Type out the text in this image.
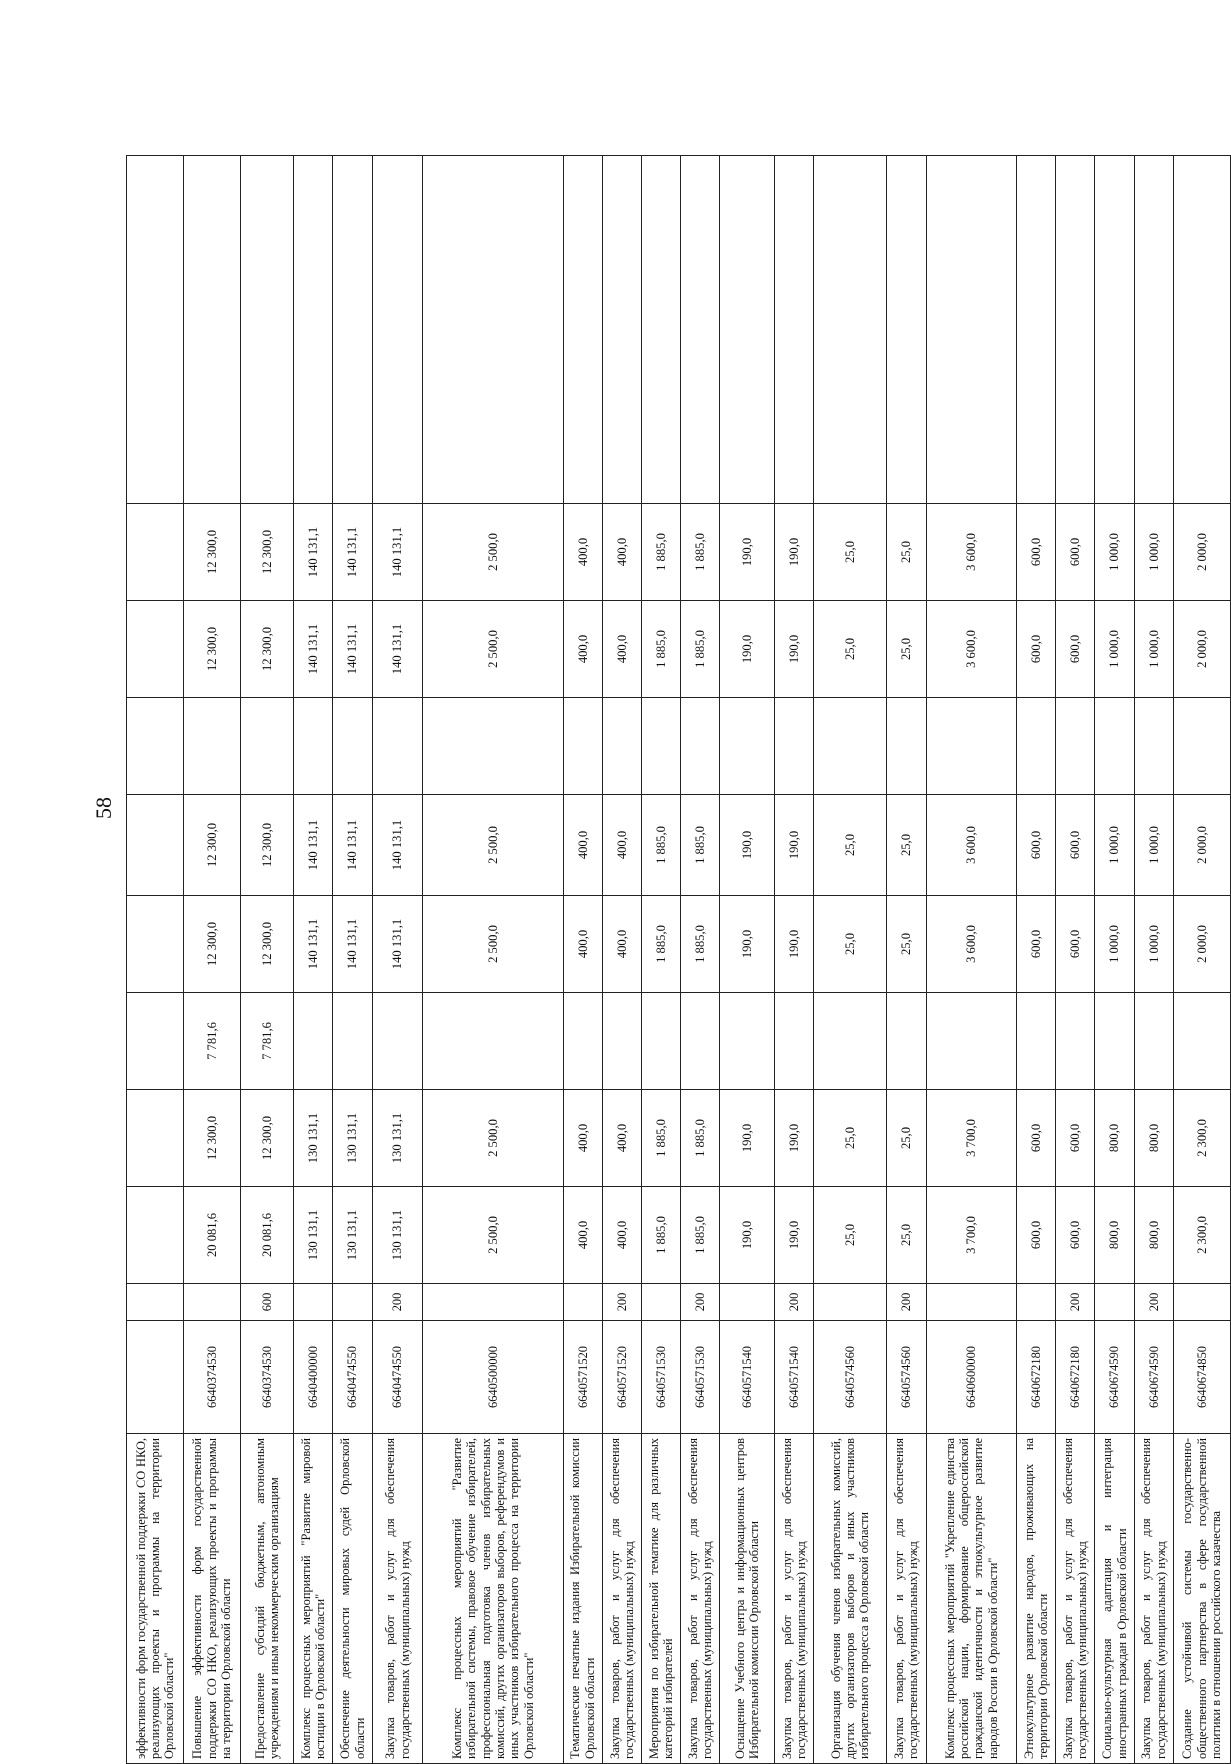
58
эффективности форм государственной поддержки СО НКО, реализующих проекты и программы на территории Орловской области"											
Повышение эффективности форм государственной поддержки СО НКО, реализующих проекты и программы на территории Орловской области	6640374530		20 081,6	12 300,0	7 781,6	12 300,0	12 300,0		12 300,0	12 300,0	
Предоставление субсидий бюджетным, автономным учреждениям и иным некоммерческим организациям	6640374530	600	20 081,6	12 300,0	7 781,6	12 300,0	12 300,0		12 300,0	12 300,0	
Комплекс процессных мероприятий "Развитие мировой юстиции в Орловской области"	6640400000		130 131,1	130 131,1		140 131,1	140 131,1		140 131,1	140 131,1	
Обеспечение деятельности мировых судей Орловской области	6640474550		130 131,1	130 131,1		140 131,1	140 131,1		140 131,1	140 131,1	
Закупка товаров, работ и услуг для обеспечения государственных (муниципальных) нужд	6640474550	200	130 131,1	130 131,1		140 131,1	140 131,1		140 131,1	140 131,1	
Комплекс процессных мероприятий "Развитие избирательной системы, правовое обучение избирателей, профессиональная подготовка членов избирательных комиссий, других организаторов выборов, референдумов и иных участников избирательного процесса на территории Орловской области"	6640500000		2 500,0	2 500,0		2 500,0	2 500,0		2 500,0	2 500,0	
Тематические печатные издания Избирательной комиссии Орловской области	6640571520		400,0	400,0		400,0	400,0		400,0	400,0	
Закупка товаров, работ и услуг для обеспечения государственных (муниципальных) нужд	6640571520	200	400,0	400,0		400,0	400,0		400,0	400,0	
Мероприятия по избирательной тематике для различных категорий избирателей	6640571530		1 885,0	1 885,0		1 885,0	1 885,0		1 885,0	1 885,0	
Закупка товаров, работ и услуг для обеспечения государственных (муниципальных) нужд	6640571530	200	1 885,0	1 885,0		1 885,0	1 885,0		1 885,0	1 885,0	
Оснащение Учебного центра и информационных центров Избирательной комиссии Орловской области	6640571540		190,0	190,0		190,0	190,0		190,0	190,0	
Закупка товаров, работ и услуг для обеспечения государственных (муниципальных) нужд	6640571540	200	190,0	190,0		190,0	190,0		190,0	190,0	
Организация обучения членов избирательных комиссий, других организаторов выборов и иных участников избирательного процесса в Орловской области	6640574560		25,0	25,0		25,0	25,0		25,0	25,0	
Закупка товаров, работ и услуг для обеспечения государственных (муниципальных) нужд	6640574560	200	25,0	25,0		25,0	25,0		25,0	25,0	
Комплекс процессных мероприятий "Укрепление единства российской нации, формирование общероссийской гражданской идентичности и этнокультурное развитие народов России в Орловской области"	6640600000		3 700,0	3 700,0		3 600,0	3 600,0		3 600,0	3 600,0	
Этнокультурное развитие народов, проживающих на территории Орловской области	6640672180		600,0	600,0		600,0	600,0		600,0	600,0	
Закупка товаров, работ и услуг для обеспечения государственных (муниципальных) нужд	6640672180	200	600,0	600,0		600,0	600,0		600,0	600,0	
Социально-культурная адаптация и интеграция иностранных граждан в Орловской области	6640674590		800,0	800,0		1 000,0	1 000,0		1 000,0	1 000,0	
Закупка товаров, работ и услуг для обеспечения государственных (муниципальных) нужд	6640674590	200	800,0	800,0		1 000,0	1 000,0		1 000,0	1 000,0	
Создание устойчивой системы государственно-общественного партнерства в сфере государственной политики в отношении российского казачества	6640674850		2 300,0	2 300,0		2 000,0	2 000,0		2 000,0	2 000,0	
